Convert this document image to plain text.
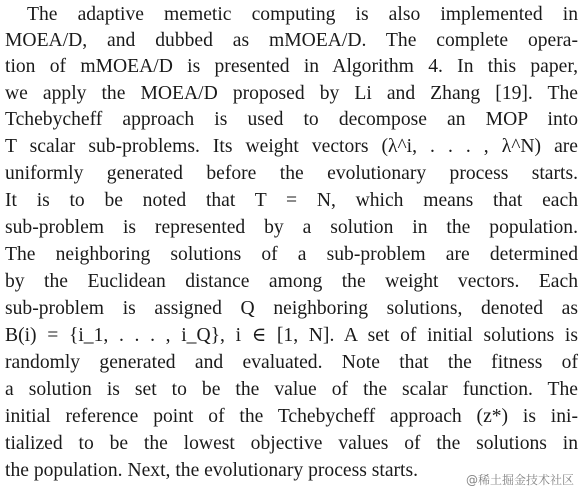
The adaptive memetic computing is also implemented in
MOEA/D, and dubbed as mMOEA/D. The complete opera-
tion of mMOEA/D is presented in Algorithm 4. In this paper,
we apply the MOEA/D proposed by Li and Zhang [19]. The
Tchebycheff approach is used to decompose an MOP into
T scalar sub-problems. Its weight vectors (λ^i, . . . , λ^N) are
uniformly generated before the evolutionary process starts.
It is to be noted that T = N, which means that each
sub-problem is represented by a solution in the population.
The neighboring solutions of a sub-problem are determined
by the Euclidean distance among the weight vectors. Each
sub-problem is assigned Q neighboring solutions, denoted as
B(i) = {i_1, . . . , i_Q}, i ∈ [1, N]. A set of initial solutions is
randomly generated and evaluated. Note that the fitness of
a solution is set to be the value of the scalar function. The
initial reference point of the Tchebycheff approach (z*) is ini-
tialized to be the lowest objective values of the solutions in
the population. Next, the evolutionary process starts.	@稀土掘金技术社区
